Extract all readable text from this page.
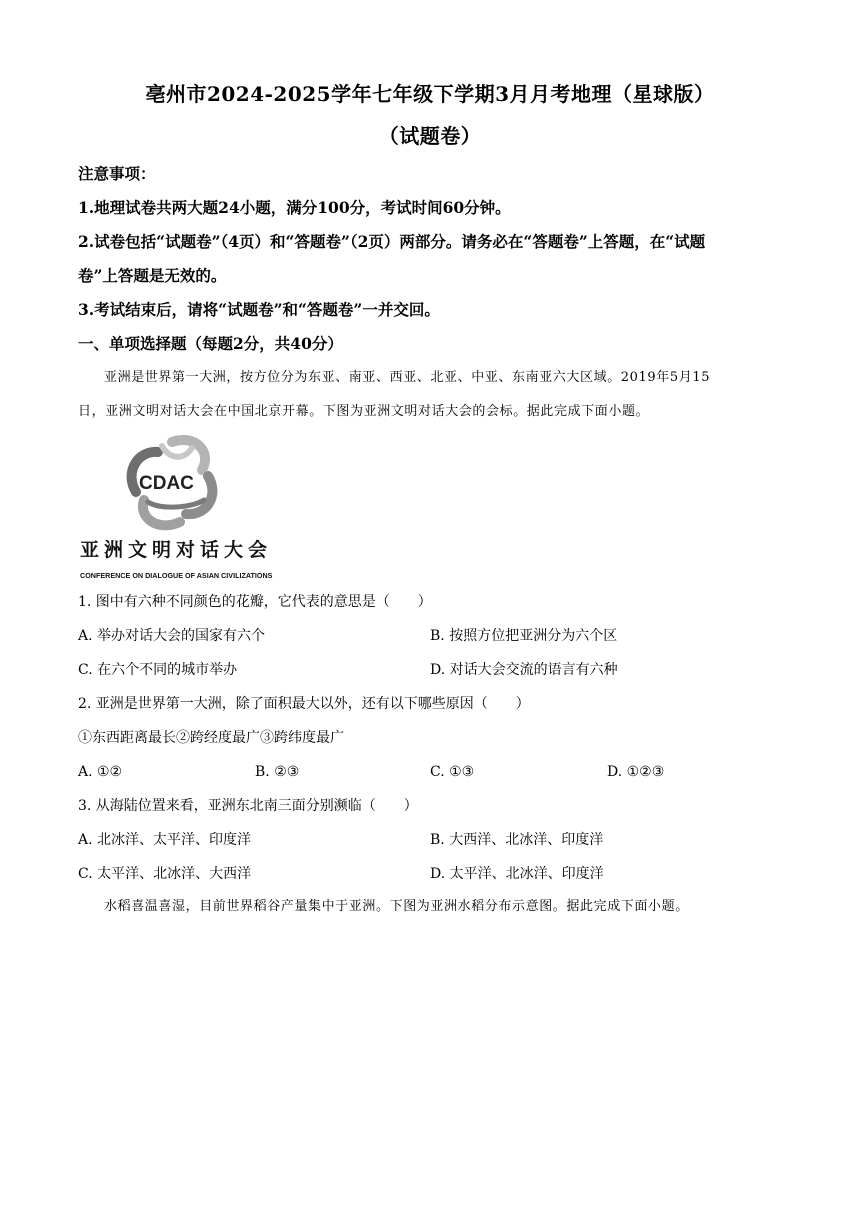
亳州市2024-2025学年七年级下学期3月月考地理（星球版）
（试题卷）
注意事项：
1.地理试卷共两大题24小题，满分100分，考试时间60分钟。
2.试卷包括“试题卷”（4页）和“答题卷”（2页）两部分。请务必在“答题卷”上答题，在“试题
卷”上答题是无效的。
3.考试结束后，请将“试题卷”和“答题卷”一并交回。
一、单项选择题（每题2分，共40分）
亚洲是世界第一大洲，按方位分为东亚、南亚、西亚、北亚、中亚、东南亚六大区域。2019年5月15
日，亚洲文明对话大会在中国北京开幕。下图为亚洲文明对话大会的会标。据此完成下面小题。
CDAC
亚洲文明对话大会
CONFERENCE ON DIALOGUE OF ASIAN CIVILIZATIONS
1. 图中有六种不同颜色的花瓣，它代表的意思是（　　）
A. 举办对话大会的国家有六个	B. 按照方位把亚洲分为六个区
C. 在六个不同的城市举办	D. 对话大会交流的语言有六种
2. 亚洲是世界第一大洲，除了面积最大以外，还有以下哪些原因（　　）
①东西距离最长②跨经度最广③跨纬度最广
A. ①②	B. ②③	C. ①③	D. ①②③
3. 从海陆位置来看，亚洲东北南三面分别濒临（　　）
A. 北冰洋、太平洋、印度洋	B. 大西洋、北冰洋、印度洋
C. 太平洋、北冰洋、大西洋	D. 太平洋、北冰洋、印度洋
水稻喜温喜湿，目前世界稻谷产量集中于亚洲。下图为亚洲水稻分布示意图。据此完成下面小题。
